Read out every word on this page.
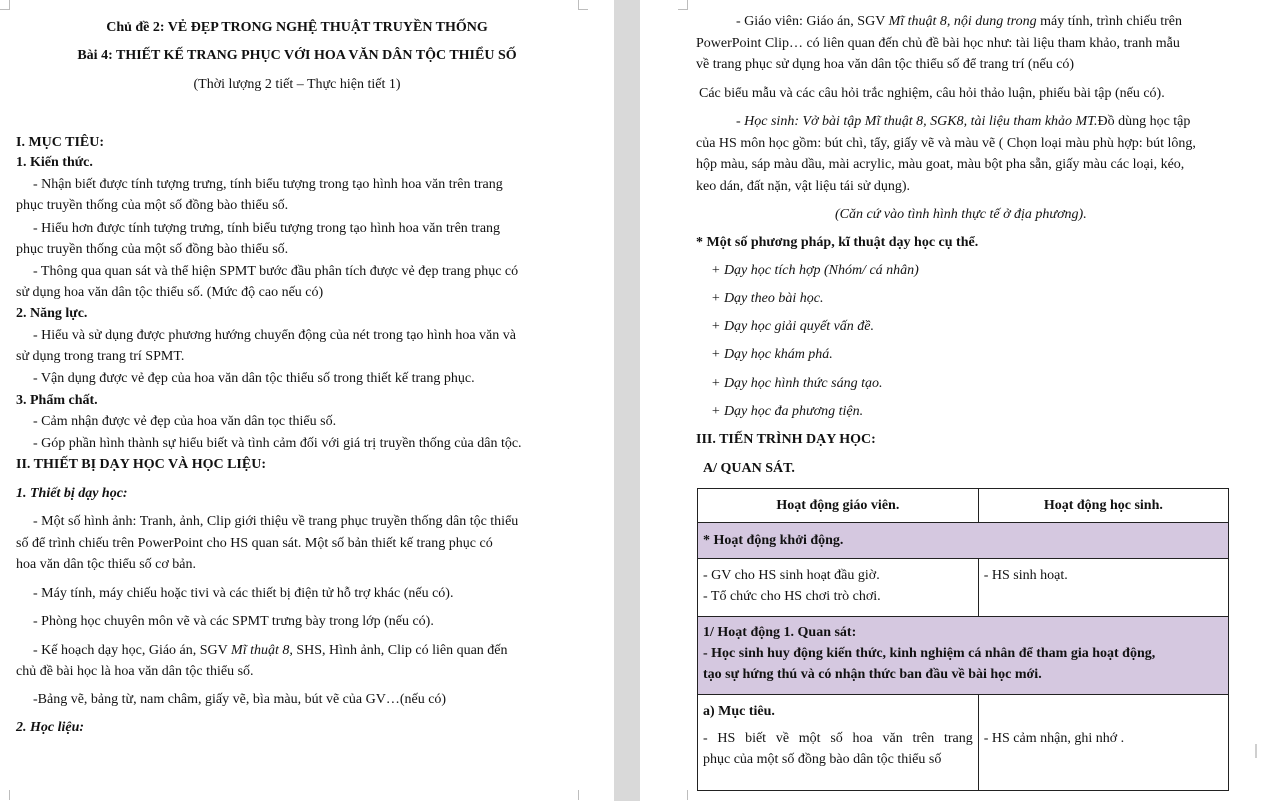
Chủ đề 2: VẺ ĐẸP TRONG NGHỆ THUẬT TRUYỀN THỐNG
Bài 4: THIẾT KẾ TRANG PHỤC VỚI HOA VĂN DÂN TỘC THIỂU SỐ
(Thời lượng 2 tiết – Thực hiện tiết 1)
I. MỤC TIÊU:
1. Kiến thức.
- Nhận biết được tính tượng trưng, tính biểu tượng trong tạo hình hoa văn trên trang
phục truyền thống của một số đồng bào thiểu số.
- Hiểu hơn được tính tượng trưng, tính biểu tượng trong tạo hình hoa văn trên trang
phục truyền thống của một số đồng bào thiểu số.
- Thông qua quan sát và thể hiện SPMT bước đầu phân tích được vẻ đẹp trang phục có
sử dụng hoa văn dân tộc thiểu số. (Mức độ cao nếu có)
2. Năng lực.
- Hiểu và sử dụng được phương hướng chuyển động của nét trong tạo hình hoa văn và
sử dụng trong trang trí SPMT.
- Vận dụng được vẻ đẹp của hoa văn dân tộc thiểu số trong thiết kế trang phục.
3. Phẩm chất.
- Cảm nhận được vẻ đẹp của hoa văn dân tọc thiểu số.
- Góp phần hình thành sự hiểu biết và tình cảm đối với giá trị truyền thống của dân tộc.
II. THIẾT BỊ DẠY HỌC VÀ HỌC LIỆU:
1. Thiết bị dạy học:
- Một số hình ảnh: Tranh, ảnh, Clip giới thiệu về trang phục truyền thống dân tộc thiểu
số để trình chiếu trên PowerPoint cho HS quan sát. Một số bản thiết kế trang phục có
hoa văn dân tộc thiểu số cơ bản.
- Máy tính, máy chiếu hoặc tivi và các thiết bị điện tử hỗ trợ khác (nếu có).
- Phòng học chuyên môn vẽ và các SPMT trưng bày trong lớp (nếu có).
- Kế hoạch dạy học, Giáo án, SGV Mĩ thuật 8, SHS, Hình ảnh, Clip có liên quan đến
chủ đề bài học là hoa văn dân tộc thiểu số.
-Bảng vẽ, bảng từ, nam châm, giấy vẽ, bìa màu, bút vẽ của GV…(nếu có)
2. Học liệu:
- Giáo viên: Giáo án, SGV Mĩ thuật 8, nội dung trong máy tính, trình chiếu trên
PowerPoint Clip… có liên quan đến chủ đề bài học như: tài liệu tham khảo, tranh mẫu
về trang phục sử dụng hoa văn dân tộc thiểu số để trang trí (nếu có)
Các biểu mẫu và các câu hỏi trắc nghiệm, câu hỏi thảo luận, phiếu bài tập (nếu có).
- Học sinh: Vở bài tập Mĩ thuật 8, SGK8, tài liệu tham khảo MT.Đồ dùng học tập
của HS môn học gồm: bút chì, tẩy, giấy vẽ và màu vẽ ( Chọn loại màu phù hợp: bút lông,
hộp màu, sáp màu dầu, mài acrylic, màu goat, màu bột pha sẵn, giấy màu các loại, kéo,
keo dán, đất nặn, vật liệu tái sử dụng).
(Căn cứ vào tình hình thực tế ở địa phương).
* Một số phương pháp, kĩ thuật dạy học cụ thể.
+ Dạy học tích hợp (Nhóm/ cá nhân)
+ Dạy theo bài học.
+ Dạy học giải quyết vấn đề.
+ Dạy học khám phá.
+ Dạy học hình thức sáng tạo.
+ Dạy học đa phương tiện.
III. TIẾN TRÌNH DẠY HỌC:
A/ QUAN SÁT.
Hoạt động giáo viên.	Hoạt động học sinh.
* Hoạt động khởi động.	

- GV cho HS sinh hoạt đầu giờ.
- Tổ chức cho HS chơi trò chơi.	- HS sinh hoạt.

1/ Hoạt động 1. Quan sát:
- Học sinh huy động kiến thức, kinh nghiệm cá nhân để tham gia hoạt động,
tạo sự hứng thú và có nhận thức ban đầu về bài học mới.	

a) Mục tiêu.
- HS biết về một số hoa văn trên trang
phục của một số đồng bào dân tộc thiểu số	- HS cảm nhận, ghi nhớ .
